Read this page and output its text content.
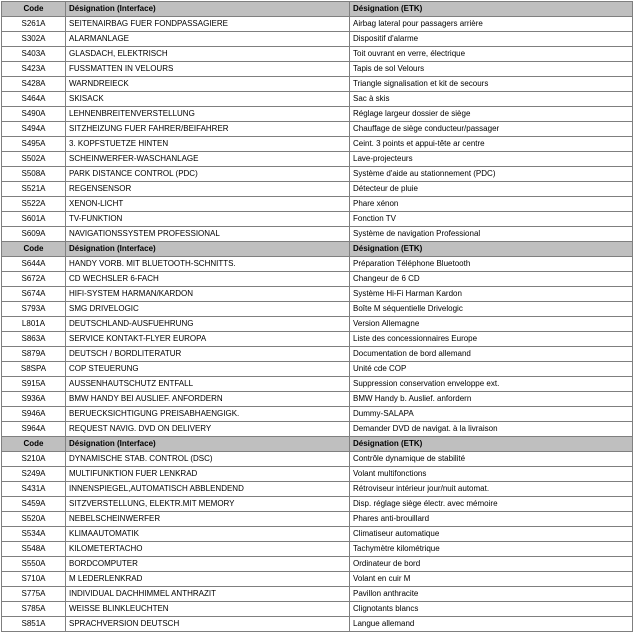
Code	Désignation (Interface)	Désignation (ETK)
S261A	SEITENAIRBAG FUER FONDPASSAGIERE	Airbag lateral pour passagers arrière
S302A	ALARMANLAGE	Dispositif d'alarme
S403A	GLASDACH, ELEKTRISCH	Toit ouvrant en verre, électrique
S423A	FUSSMATTEN IN VELOURS	Tapis de sol Velours
S428A	WARNDREIECK	Triangle signalisation et kit de secours
S464A	SKISACK	Sac à skis
S490A	LEHNENBREITENVERSTELLUNG	Réglage largeur dossier de siège
S494A	SITZHEIZUNG FUER FAHRER/BEIFAHRER	Chauffage de siège conducteur/passager
S495A	3. KOPFSTUETZE HINTEN	Ceint. 3 points et appui-tête ar centre
S502A	SCHEINWERFER-WASCHANLAGE	Lave-projecteurs
S508A	PARK DISTANCE CONTROL (PDC)	Système d'aide au stationnement (PDC)
S521A	REGENSENSOR	Détecteur de pluie
S522A	XENON-LICHT	Phare xénon
S601A	TV-FUNKTION	Fonction TV
S609A	NAVIGATIONSSYSTEM PROFESSIONAL	Système de navigation Professional
Code	Désignation (Interface)	Désignation (ETK)
S644A	HANDY VORB. MIT BLUETOOTH-SCHNITTS.	Préparation Téléphone Bluetooth
S672A	CD WECHSLER 6-FACH	Changeur de 6 CD
S674A	HIFI-SYSTEM HARMAN/KARDON	Système Hi-Fi Harman Kardon
S793A	SMG DRIVELOGIC	Boîte M séquentielle Drivelogic
L801A	DEUTSCHLAND-AUSFUEHRUNG	Version Allemagne
S863A	SERVICE KONTAKT-FLYER EUROPA	Liste des concessionnaires Europe
S879A	DEUTSCH / BORDLITERATUR	Documentation de bord allemand
S8SPA	COP STEUERUNG	Unité cde COP
S915A	AUSSENHAUTSCHUTZ ENTFALL	Suppression conservation enveloppe ext.
S936A	BMW HANDY BEI AUSLIEF. ANFORDERN	BMW Handy b. Auslief. anfordern
S946A	BERUECKSICHTIGUNG PREISABHAENGIGK.	Dummy-SALAPA
S964A	REQUEST NAVIG. DVD ON DELIVERY	Demander DVD de navigat. à la livraison
Code	Désignation (Interface)	Désignation (ETK)
S210A	DYNAMISCHE STAB. CONTROL (DSC)	Contrôle dynamique de stabilité
S249A	MULTIFUNKTION FUER LENKRAD	Volant multifonctions
S431A	INNENSPIEGEL,AUTOMATISCH ABBLENDEND	Rétroviseur intérieur jour/nuit automat.
S459A	SITZVERSTELLUNG, ELEKTR.MIT MEMORY	Disp. réglage siège électr. avec mémoire
S520A	NEBELSCHEINWERFER	Phares anti-brouillard
S534A	KLIMAAUTOMATIK	Climatiseur automatique
S548A	KILOMETERTACHO	Tachymètre kilométrique
S550A	BORDCOMPUTER	Ordinateur de bord
S710A	M LEDERLENKRAD	Volant en cuir M
S775A	INDIVIDUAL DACHHIMMEL ANTHRAZIT	Pavillon anthracite
S785A	WEISSE BLINKLEUCHTEN	Clignotants blancs
S851A	SPRACHVERSION DEUTSCH	Langue allemand
